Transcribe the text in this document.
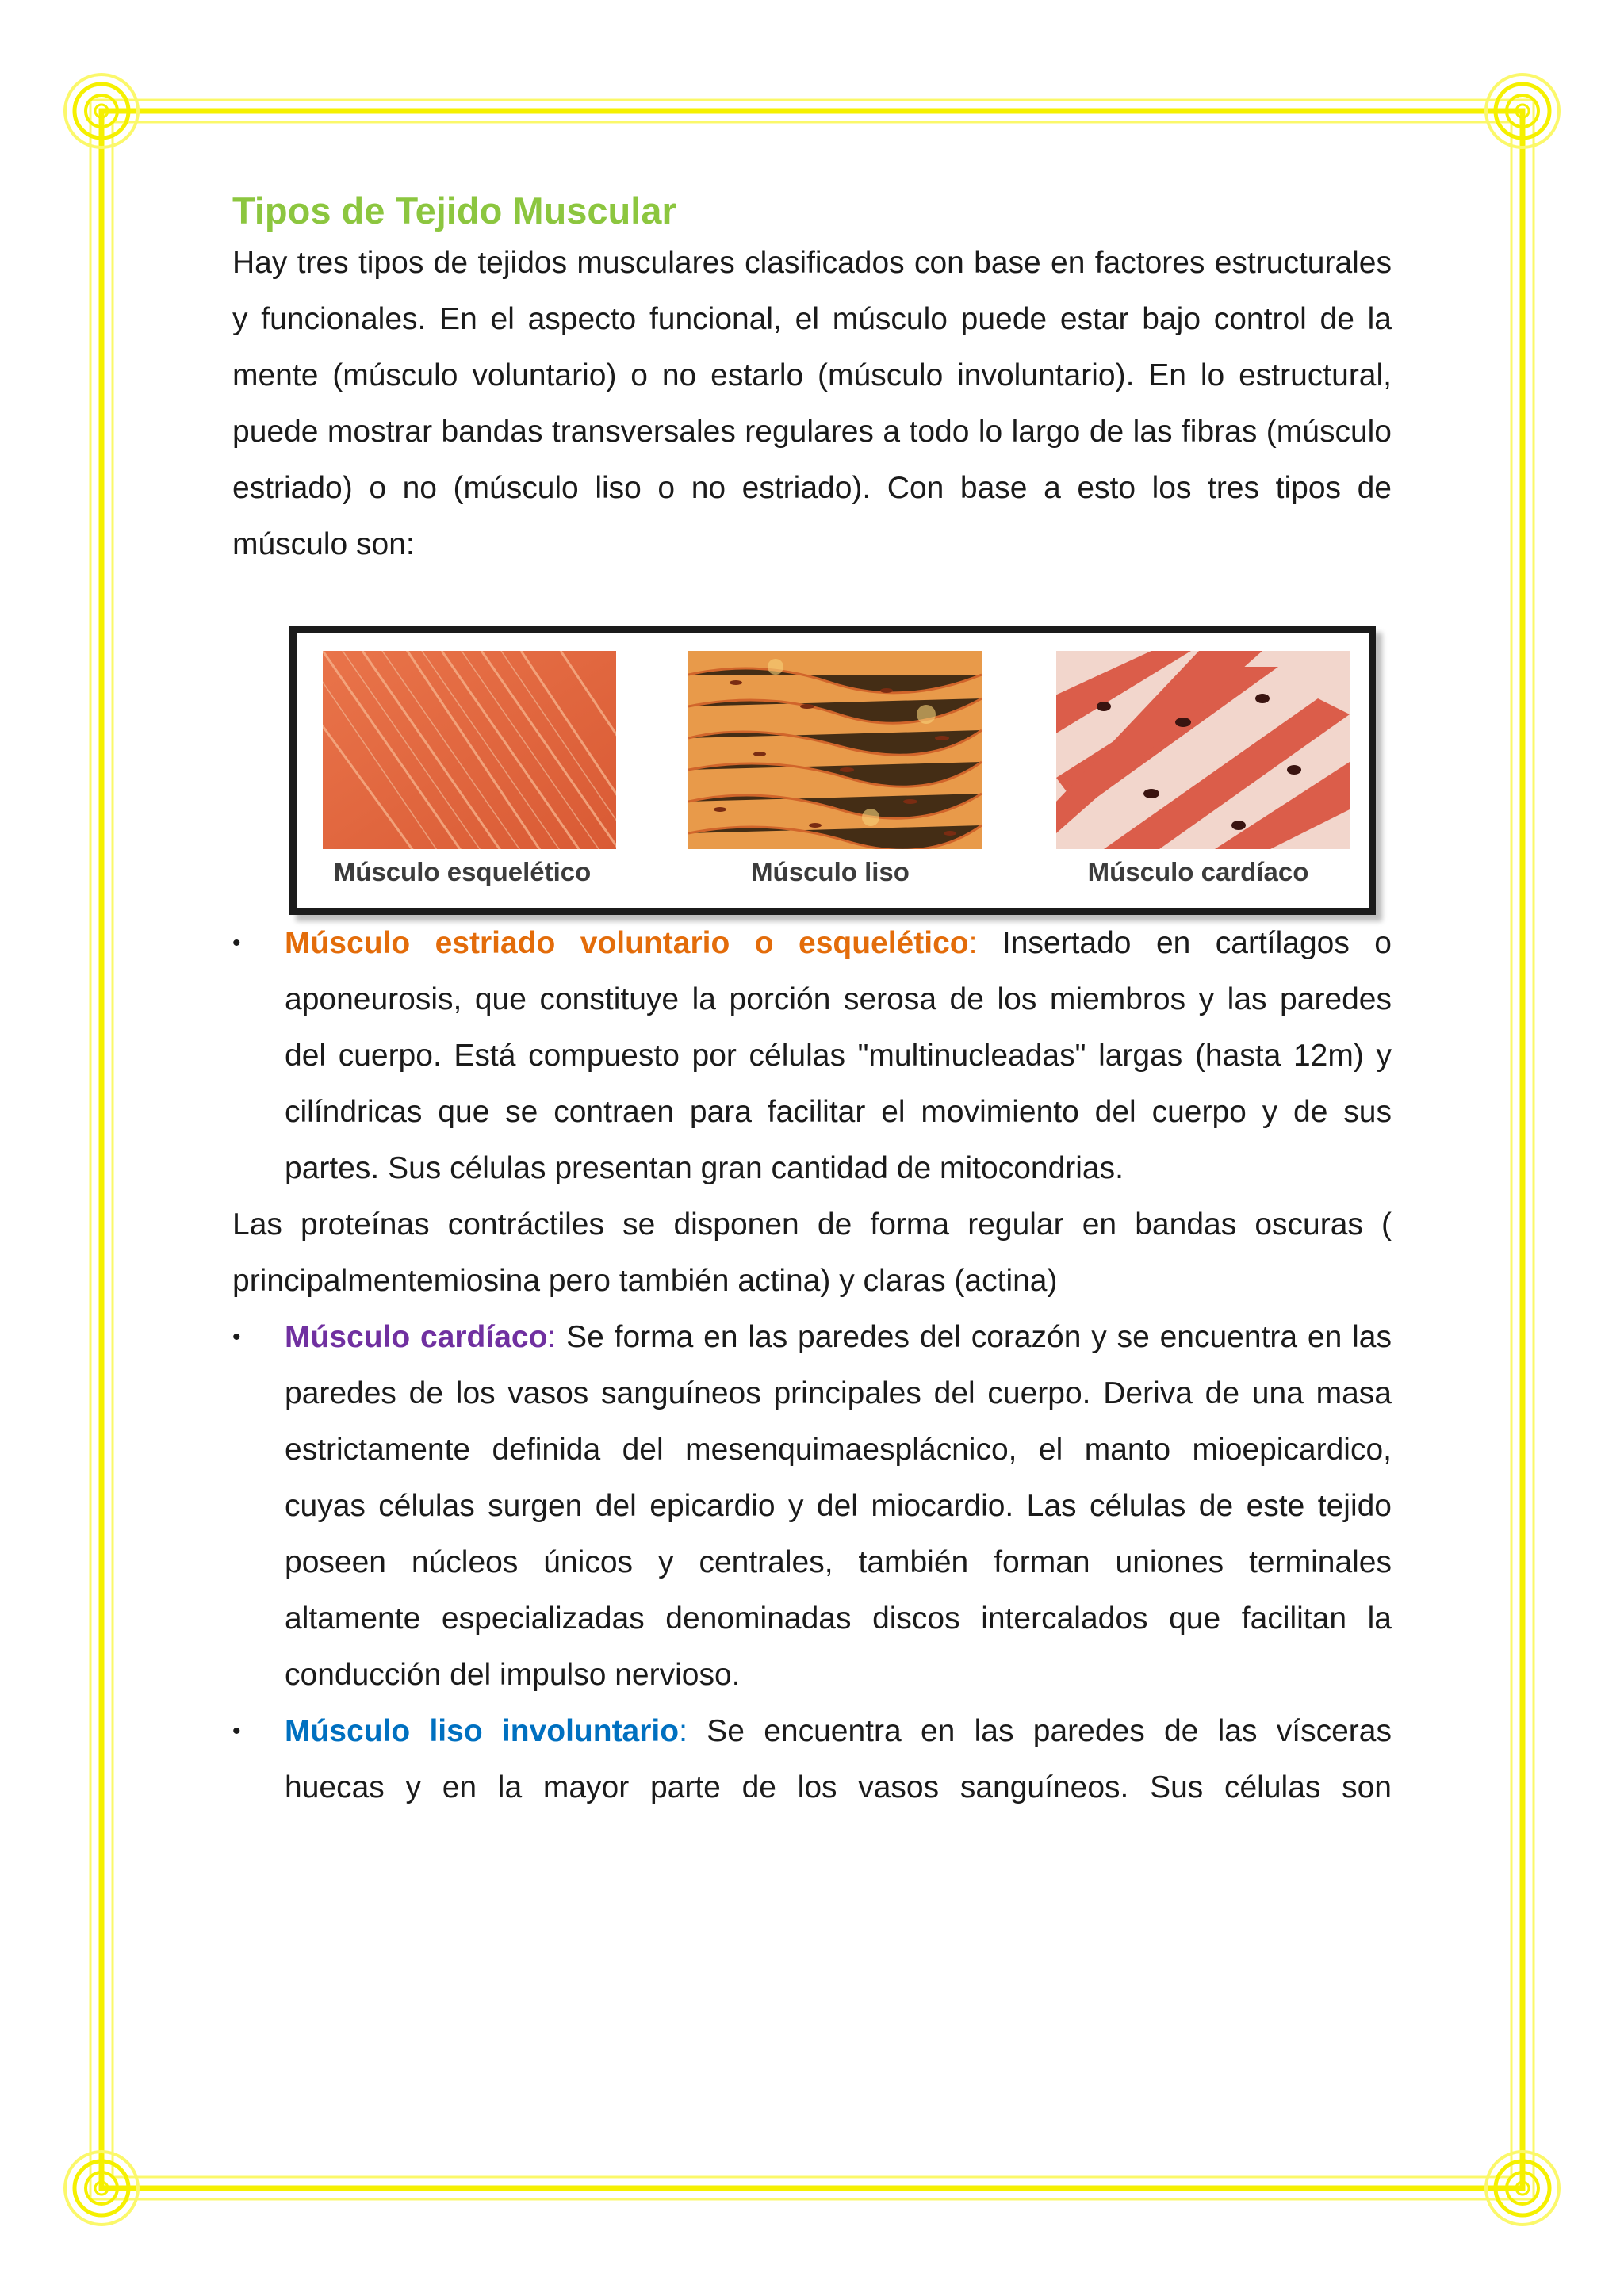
Tipos de Tejido Muscular

Hay tres tipos de tejidos musculares clasificados con base en factores estructurales y funcionales. En el aspecto funcional, el músculo puede estar bajo control de la mente (músculo voluntario) o no estarlo (músculo involuntario). En lo estructural, puede mostrar bandas transversales regulares a todo lo largo de las fibras (músculo estriado) o no (músculo liso o no estriado). Con base a esto los tres tipos de músculo son:

Músculo esquelético	Músculo liso	Músculo cardíaco
• Músculo estriado voluntario o esquelético: Insertado en cartílagos o aponeurosis, que constituye la porción serosa de los miembros y las paredes del cuerpo. Está compuesto por células "multinucleadas" largas (hasta 12m) y cilíndricas que se contraen para facilitar el movimiento del cuerpo y de sus partes. Sus células presentan gran cantidad de mitocondrias.

Las proteínas contráctiles se disponen de forma regular en bandas oscuras ( principalmentemiosina pero también actina) y claras (actina)

• Músculo cardíaco: Se forma en las paredes del corazón y se encuentra en las paredes de los vasos sanguíneos principales del cuerpo. Deriva de una masa estrictamente definida del mesenquimaesplácnico, el manto mioepicardico, cuyas células surgen del epicardio y del miocardio. Las células de este tejido poseen núcleos únicos y centrales, también forman uniones terminales altamente especializadas denominadas discos intercalados que facilitan la conducción del impulso nervioso.

• Músculo liso involuntario: Se encuentra en las paredes de las vísceras huecas y en la mayor parte de los vasos sanguíneos. Sus células son
